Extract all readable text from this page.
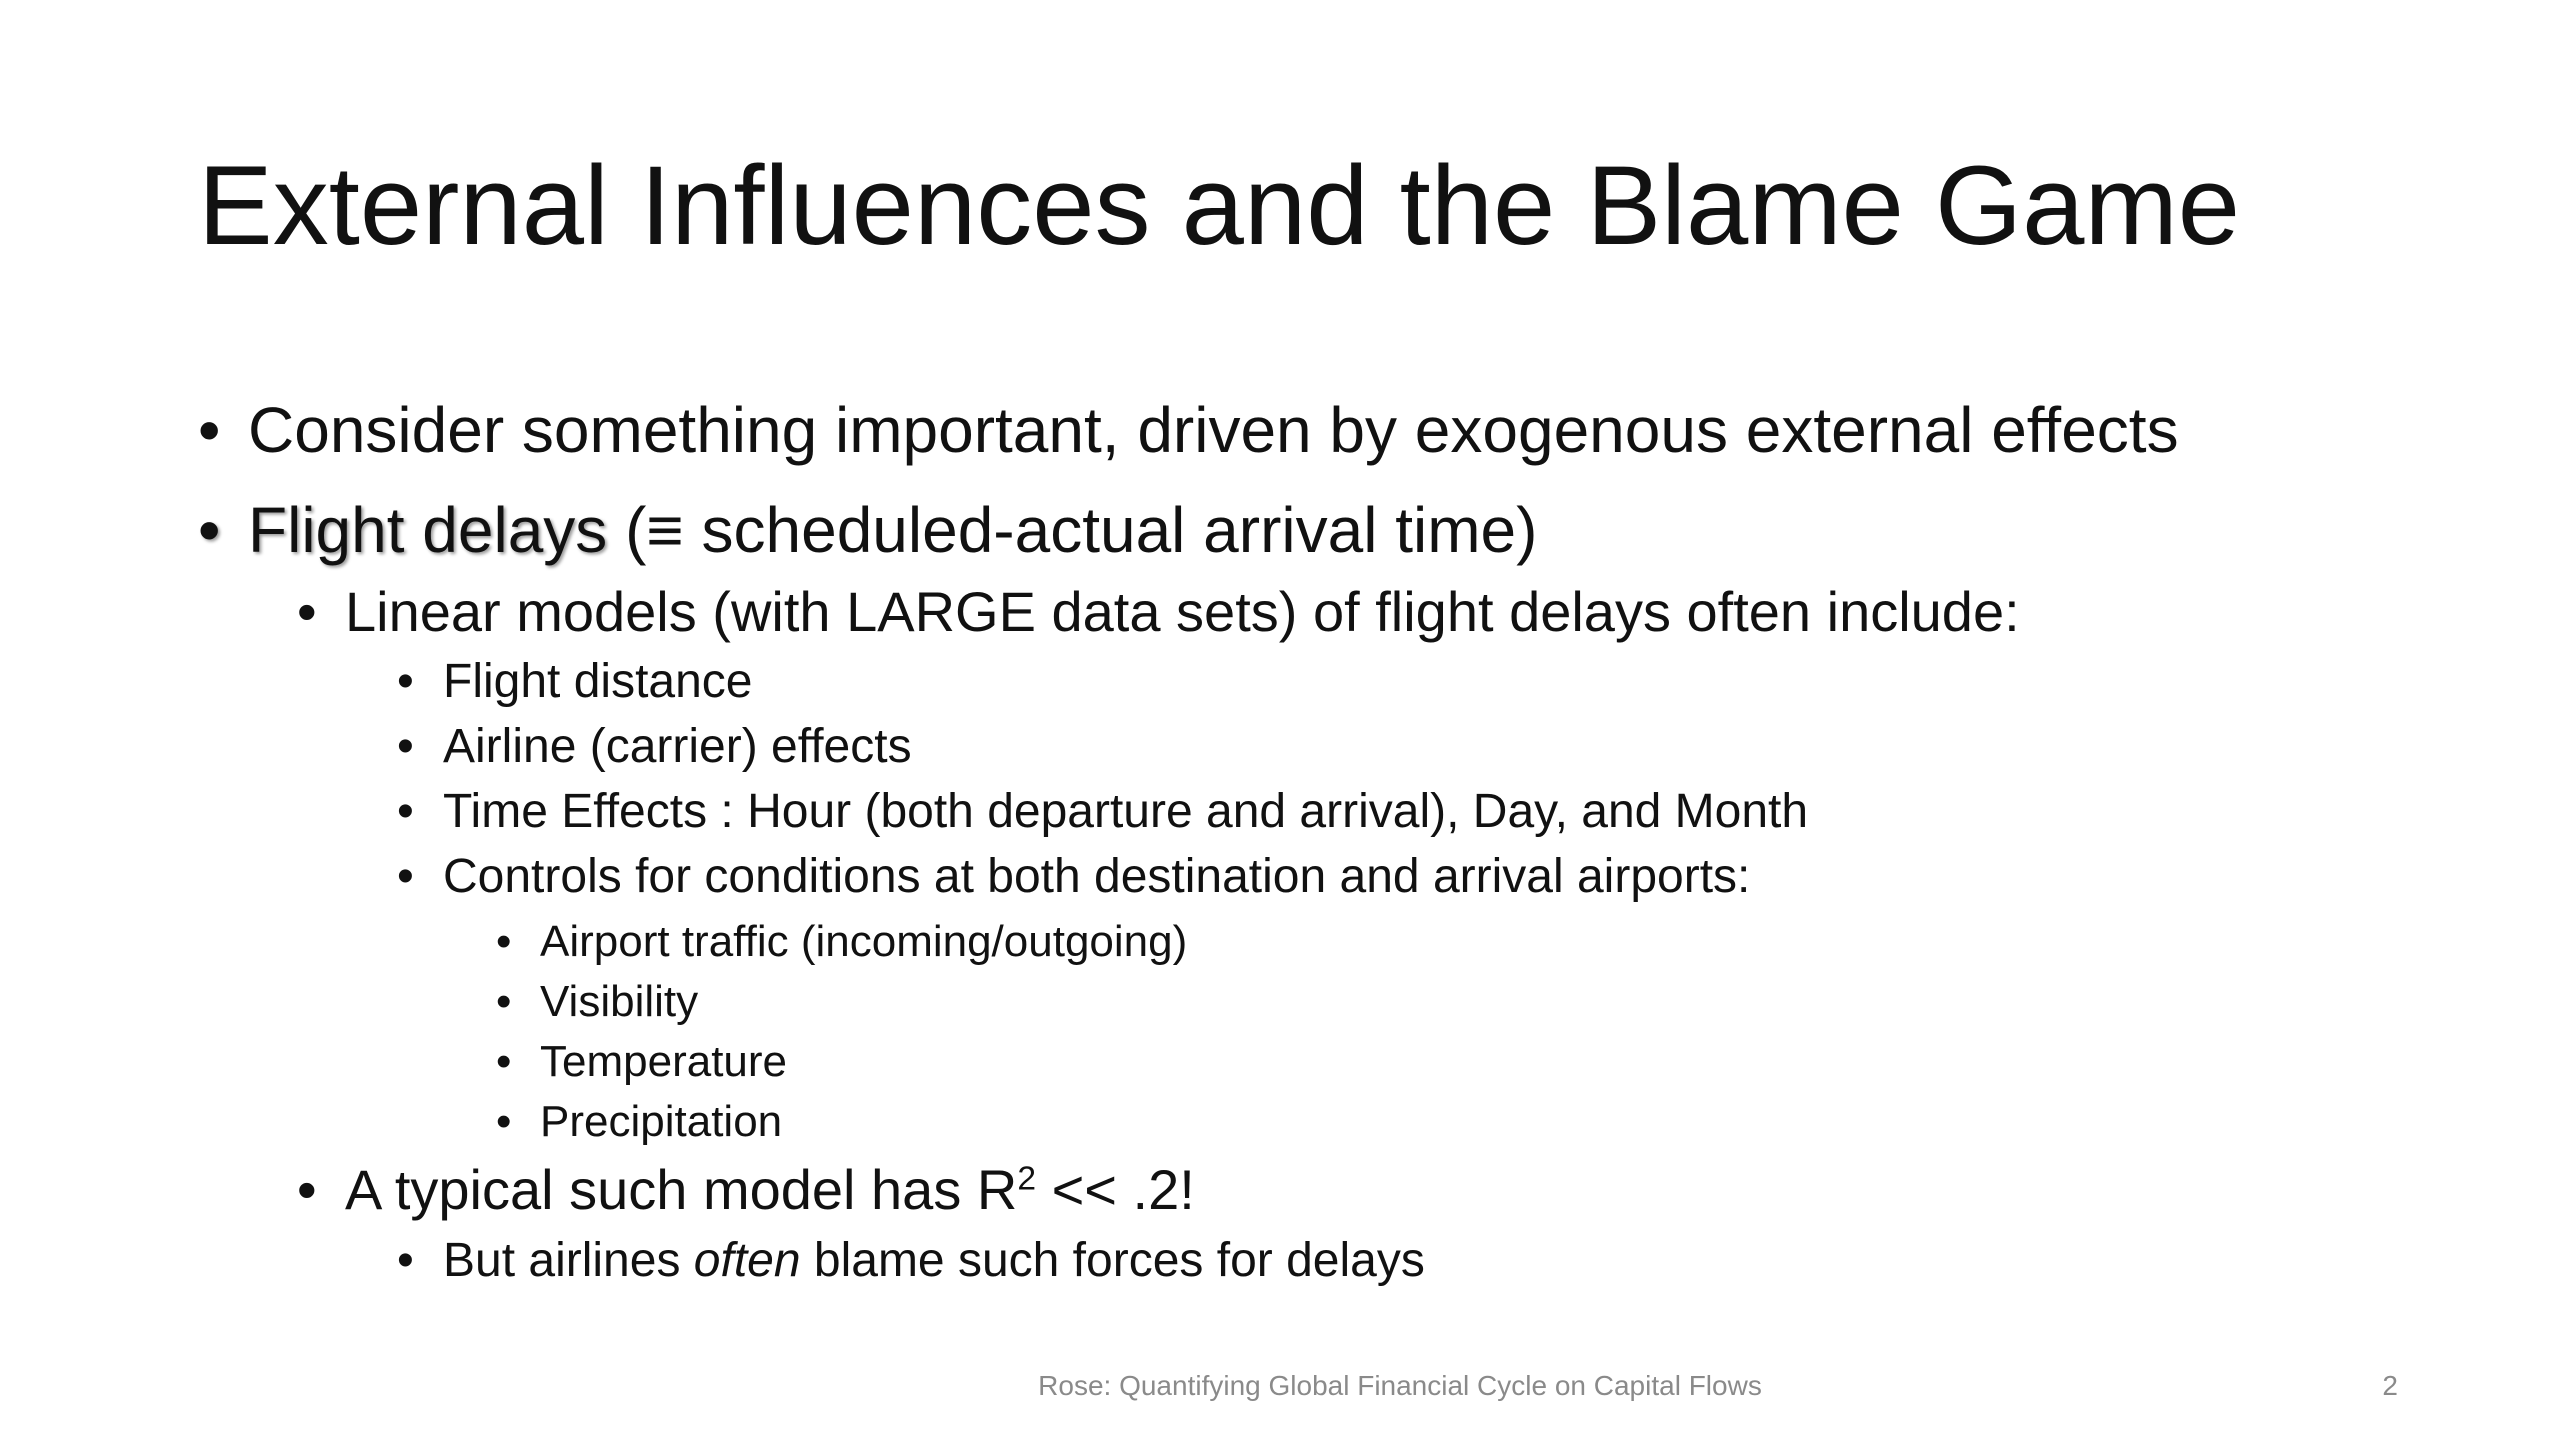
External Influences and the Blame Game
• Consider something important, driven by exogenous external effects
• Flight delays (≡ scheduled-actual arrival time)
• Linear models (with LARGE data sets) of flight delays often include:
• Flight distance
• Airline (carrier) effects
• Time Effects : Hour (both departure and arrival), Day, and Month
• Controls for conditions at both destination and arrival airports:
• Airport traffic (incoming/outgoing)
• Visibility
• Temperature
• Precipitation
• A typical such model has $R^2 << .2$!
• But airlines often blame such forces for delays
Rose: Quantifying Global Financial Cycle on Capital Flows	2
